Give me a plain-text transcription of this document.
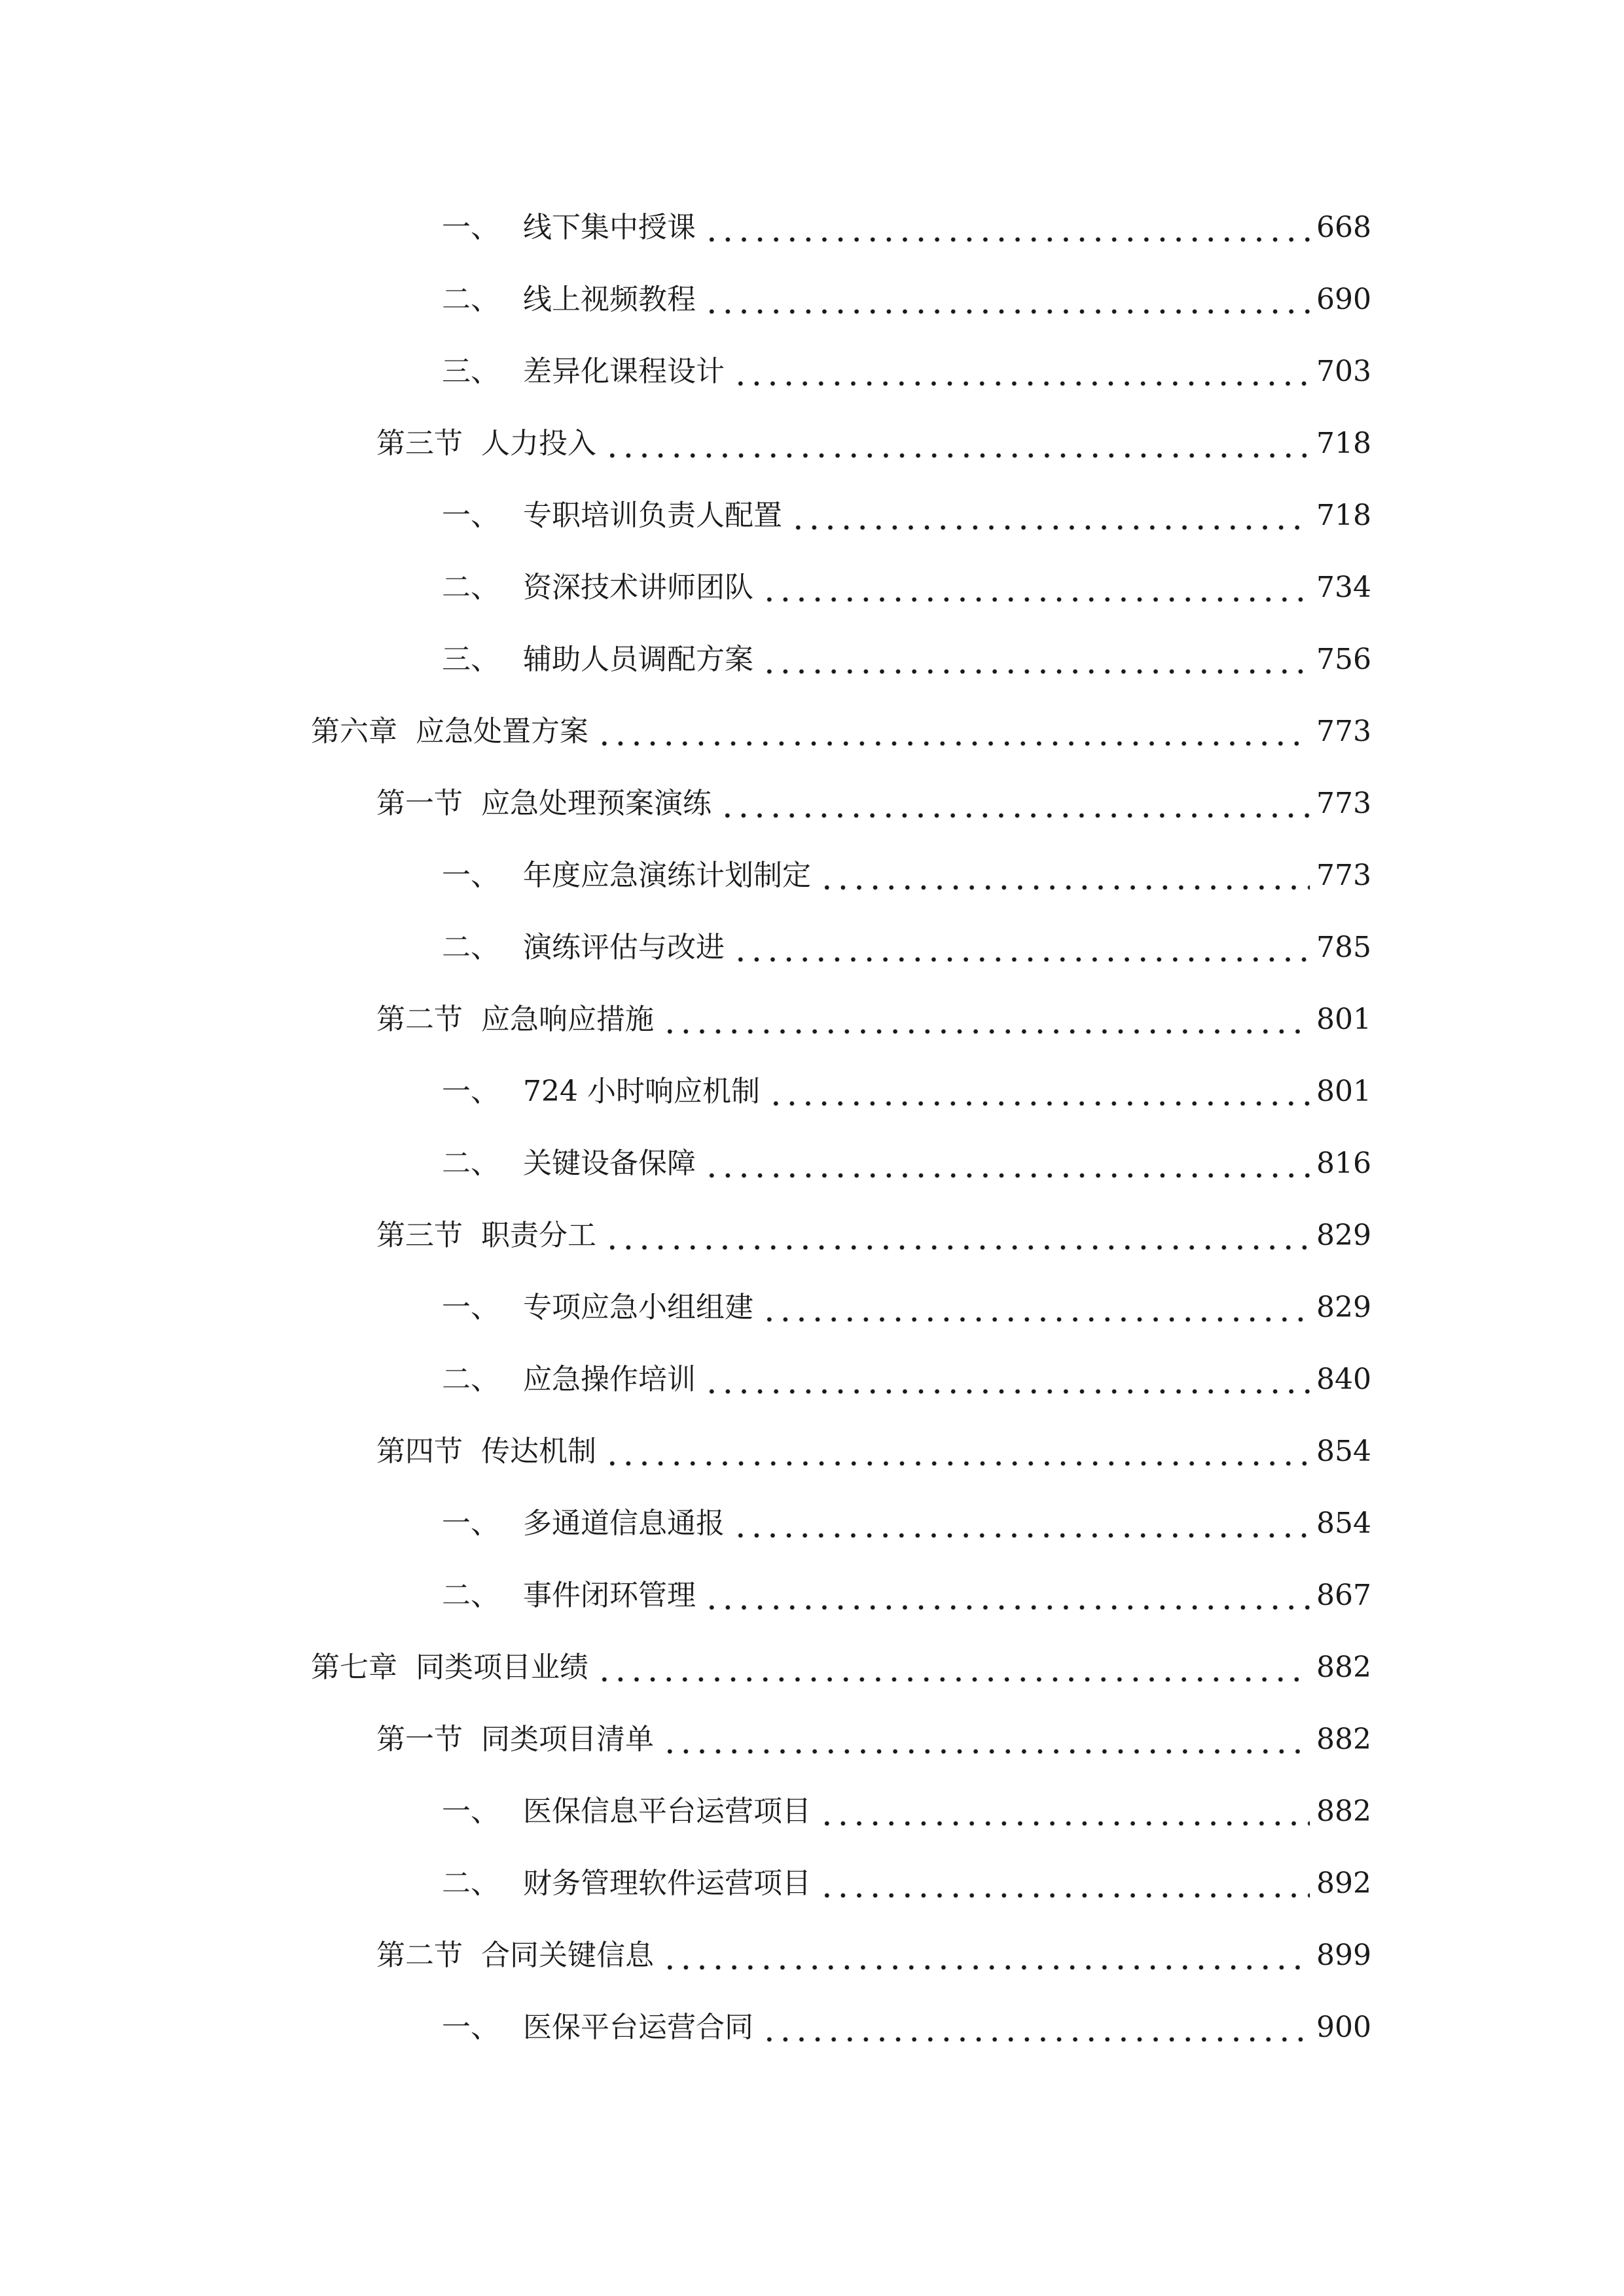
一、 线下集中授课	668
二、 线上视频教程	690
三、 差异化课程设计	703
第三节 人力投入	718
一、 专职培训负责人配置	718
二、 资深技术讲师团队	734
三、 辅助人员调配方案	756
第六章 应急处置方案	773
第一节 应急处理预案演练	773
一、 年度应急演练计划制定	773
二、 演练评估与改进	785
第二节 应急响应措施	801
一、 724 小时响应机制	801
二、 关键设备保障	816
第三节 职责分工	829
一、 专项应急小组组建	829
二、 应急操作培训	840
第四节 传达机制	854
一、 多通道信息通报	854
二、 事件闭环管理	867
第七章 同类项目业绩	882
第一节 同类项目清单	882
一、 医保信息平台运营项目	882
二、 财务管理软件运营项目	892
第二节 合同关键信息	899
一、 医保平台运营合同	900
